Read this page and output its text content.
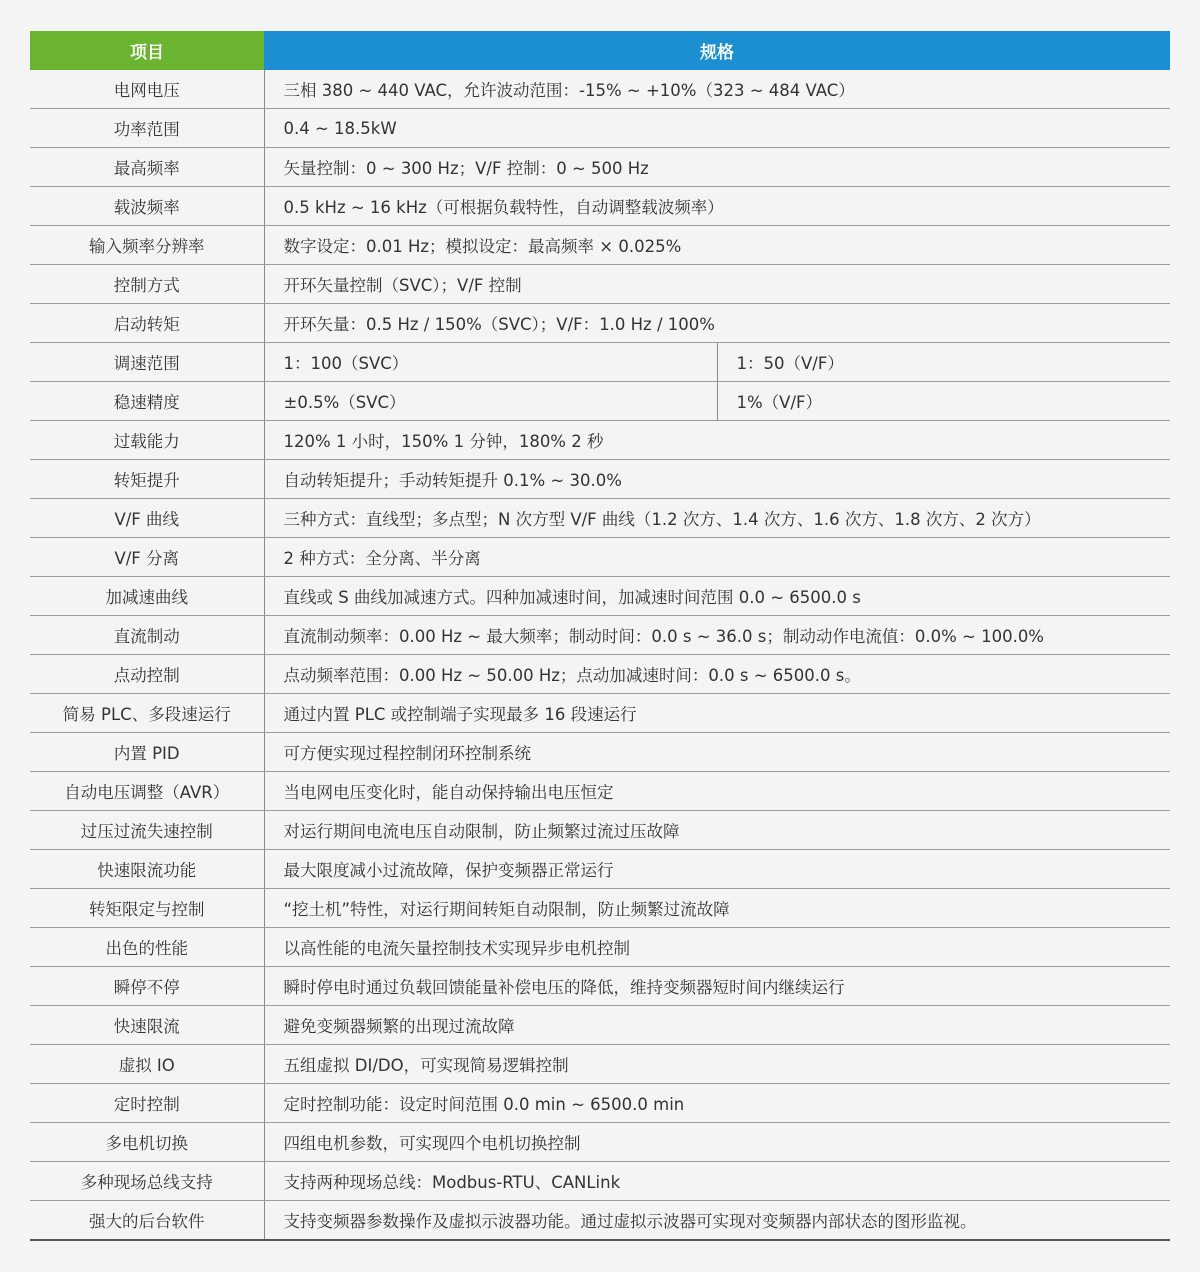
项目	规格	
电网电压	三相 380 ~ 440 VAC，允许波动范围：-15% ~ +10%（323 ~ 484 VAC）	
功率范围	0.4 ~ 18.5kW	
最高频率	矢量控制：0 ~ 300 Hz；V/F 控制：0 ~ 500 Hz	
载波频率	0.5 kHz ~ 16 kHz（可根据负载特性，自动调整载波频率）	
输入频率分辨率	数字设定：0.01 Hz；模拟设定：最高频率 × 0.025%	
控制方式	开环矢量控制（SVC）；V/F 控制	
启动转矩	开环矢量：0.5 Hz / 150%（SVC）；V/F：1.0 Hz / 100%	
调速范围	1：100（SVC）	1：50（V/F）
稳速精度	±0.5%（SVC）	1%（V/F）
过载能力	120% 1 小时，150% 1 分钟，180% 2 秒	
转矩提升	自动转矩提升；手动转矩提升 0.1% ~ 30.0%	
V/F 曲线	三种方式：直线型；多点型；N 次方型 V/F 曲线（1.2 次方、1.4 次方、1.6 次方、1.8 次方、2 次方）	
V/F 分离	2 种方式：全分离、半分离	
加减速曲线	直线或 S 曲线加减速方式。四种加减速时间，加减速时间范围 0.0 ~ 6500.0 s	
直流制动	直流制动频率：0.00 Hz ~ 最大频率；制动时间：0.0 s ~ 36.0 s；制动动作电流值：0.0% ~ 100.0%	
点动控制	点动频率范围：0.00 Hz ~ 50.00 Hz；点动加减速时间：0.0 s ~ 6500.0 s。	
简易 PLC、多段速运行	通过内置 PLC 或控制端子实现最多 16 段速运行	
内置 PID	可方便实现过程控制闭环控制系统	
自动电压调整（AVR）	当电网电压变化时，能自动保持输出电压恒定	
过压过流失速控制	对运行期间电流电压自动限制，防止频繁过流过压故障	
快速限流功能	最大限度减小过流故障，保护变频器正常运行	
转矩限定与控制	“挖土机”特性，对运行期间转矩自动限制，防止频繁过流故障	
出色的性能	以高性能的电流矢量控制技术实现异步电机控制	
瞬停不停	瞬时停电时通过负载回馈能量补偿电压的降低，维持变频器短时间内继续运行	
快速限流	避免变频器频繁的出现过流故障	
虚拟 IO	五组虚拟 DI/DO，可实现简易逻辑控制	
定时控制	定时控制功能：设定时间范围 0.0 min ~ 6500.0 min	
多电机切换	四组电机参数，可实现四个电机切换控制	
多种现场总线支持	支持两种现场总线：Modbus-RTU、CANLink	
强大的后台软件	支持变频器参数操作及虚拟示波器功能。通过虚拟示波器可实现对变频器内部状态的图形监视。	
